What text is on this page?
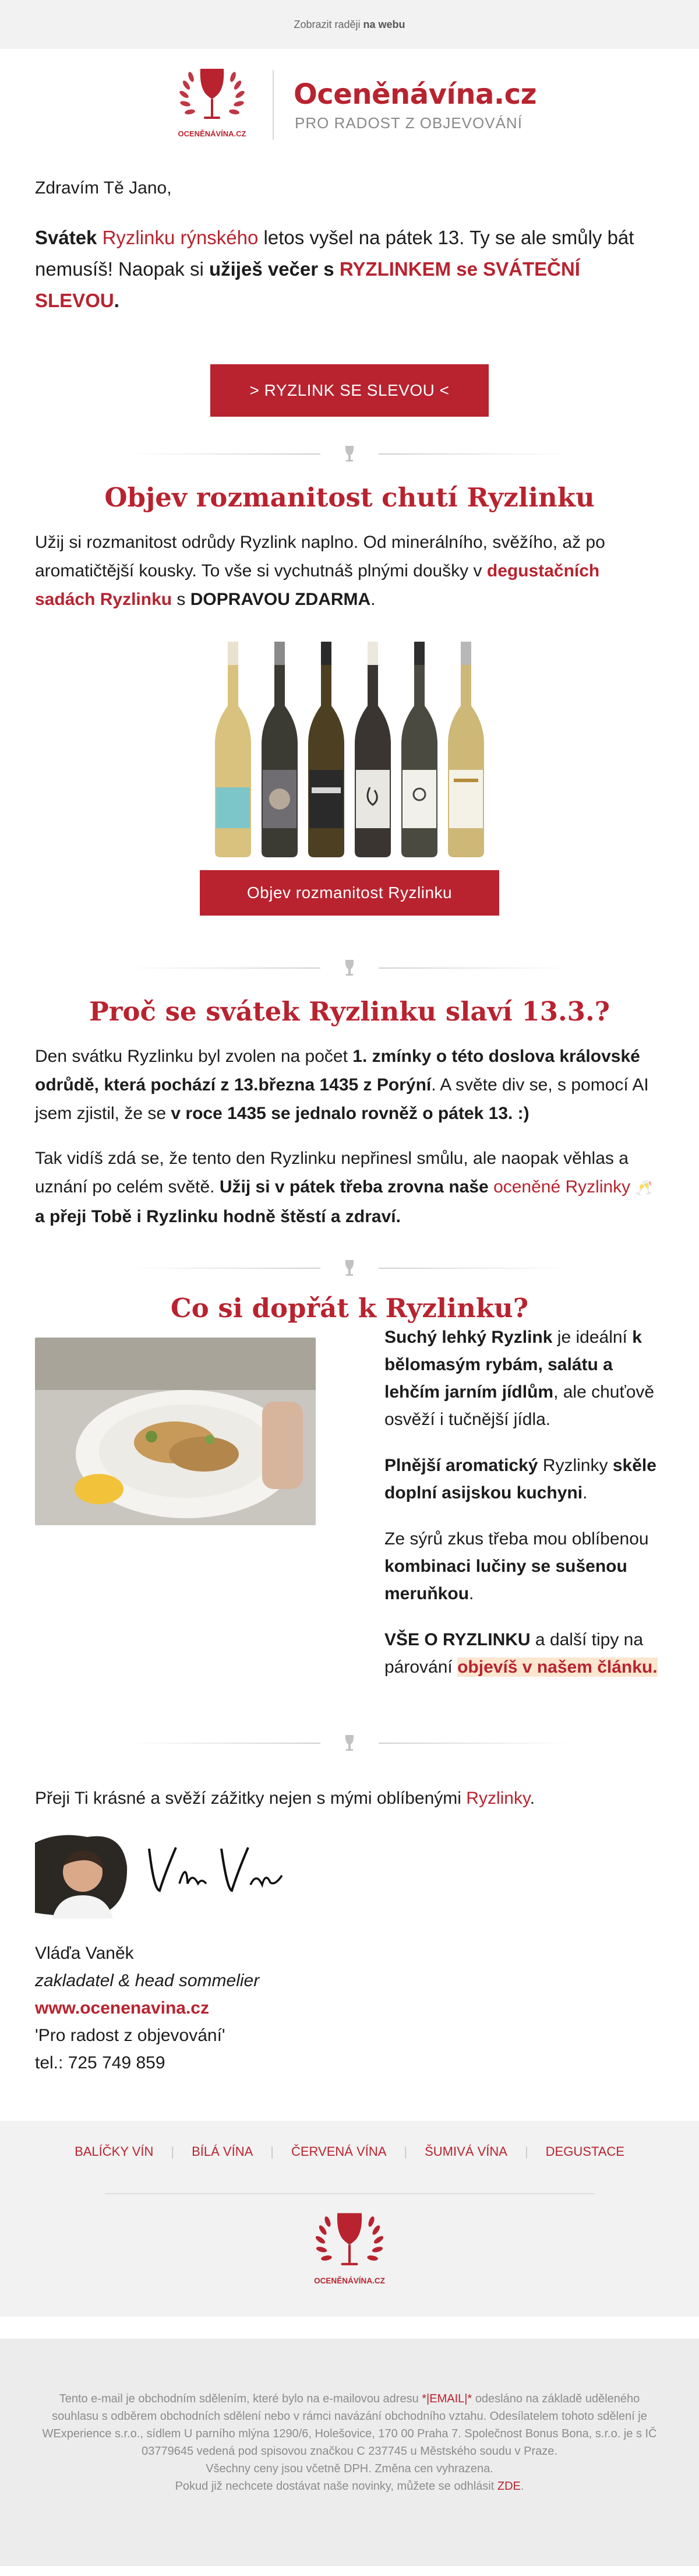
Zobrazit raději na webu
OCENĚNÁVÍNA.CZ
Oceněnávína.cz
PRO RADOST Z OBJEVOVÁNÍ

Zdravím Tě Jano,

Svátek Ryzlinku rýnského letos vyšel na pátek 13. Ty se ale smůly bát nemusíš! Naopak si užiješ večer s RYZLINKEM se SVÁTEČNÍ SLEVOU.

> RYZLINK SE SLEVOU <
Objev rozmanitost chutí Ryzlinku

Užij si rozmanitost odrůdy Ryzlink naplno. Od minerálního, svěžího, až po aromatičtější kousky. To vše si vychutnáš plnými doušky v degustačních sadách Ryzlinku s DOPRAVOU ZDARMA.

Objev rozmanitost Ryzlinku
Proč se svátek Ryzlinku slaví 13.3.?

Den svátku Ryzlinku byl zvolen na počet 1. zmínky o této doslova královské odrůdě, která pochází z 13.března 1435 z Porýní. A světe div se, s pomocí AI jsem zjistil, že se v roce 1435 se jednalo rovněž o pátek 13. :)

Tak vidíš zdá se, že tento den Ryzlinku nepřinesl smůlu, ale naopak věhlas a uznání po celém světě. Užij si v pátek třeba zrovna naše oceněné Ryzlinky 🥂 a přeji Tobě i Ryzlinku hodně štěstí a zdraví.

Co si dopřát k Ryzlinku?

Suchý lehký Ryzlink je ideální k bělomasým rybám, salátu a lehčím jarním jídlům, ale chuťově osvěží i tučnější jídla.

Plnější aromatický Ryzlinky skěle doplní asijskou kuchyni.

Ze sýrů zkus třeba mou oblíbenou kombinaci lučiny se sušenou meruňkou.

VŠE O RYZLINKU a další tipy na párování objevíš v našem článku.

Přeji Ti krásné a svěží zážitky nejen s mými oblíbenými Ryzlinky.

Vláďa Vaněk
zakladatel & head sommelier
www.ocenenavina.cz
'Pro radost z objevování'
tel.: 725 749 859
BALÍČKY VÍN | BÍLÁ VÍNA | ČERVENÁ VÍNA | ŠUMIVÁ VÍNA | DEGUSTACE
OCENĚNÁVÍNA.CZ
Tento e-mail je obchodním sdělením, které bylo na e-mailovou adresu *|EMAIL|* odesláno na základě uděleného souhlasu s odběrem obchodních sdělení nebo v rámci navázání obchodního vztahu. Odesílatelem tohoto sdělení je WExperience s.r.o., sídlem U parního mlýna 1290/6, Holešovice, 170 00 Praha 7. Společnost Bonus Bona, s.r.o. je s IČ 03779645 vedená pod spisovou značkou C 237745 u Městského soudu v Praze.
Všechny ceny jsou včetně DPH. Změna cen vyhrazena.
Pokud již nechcete dostávat naše novinky, můžete se odhlásit ZDE.
